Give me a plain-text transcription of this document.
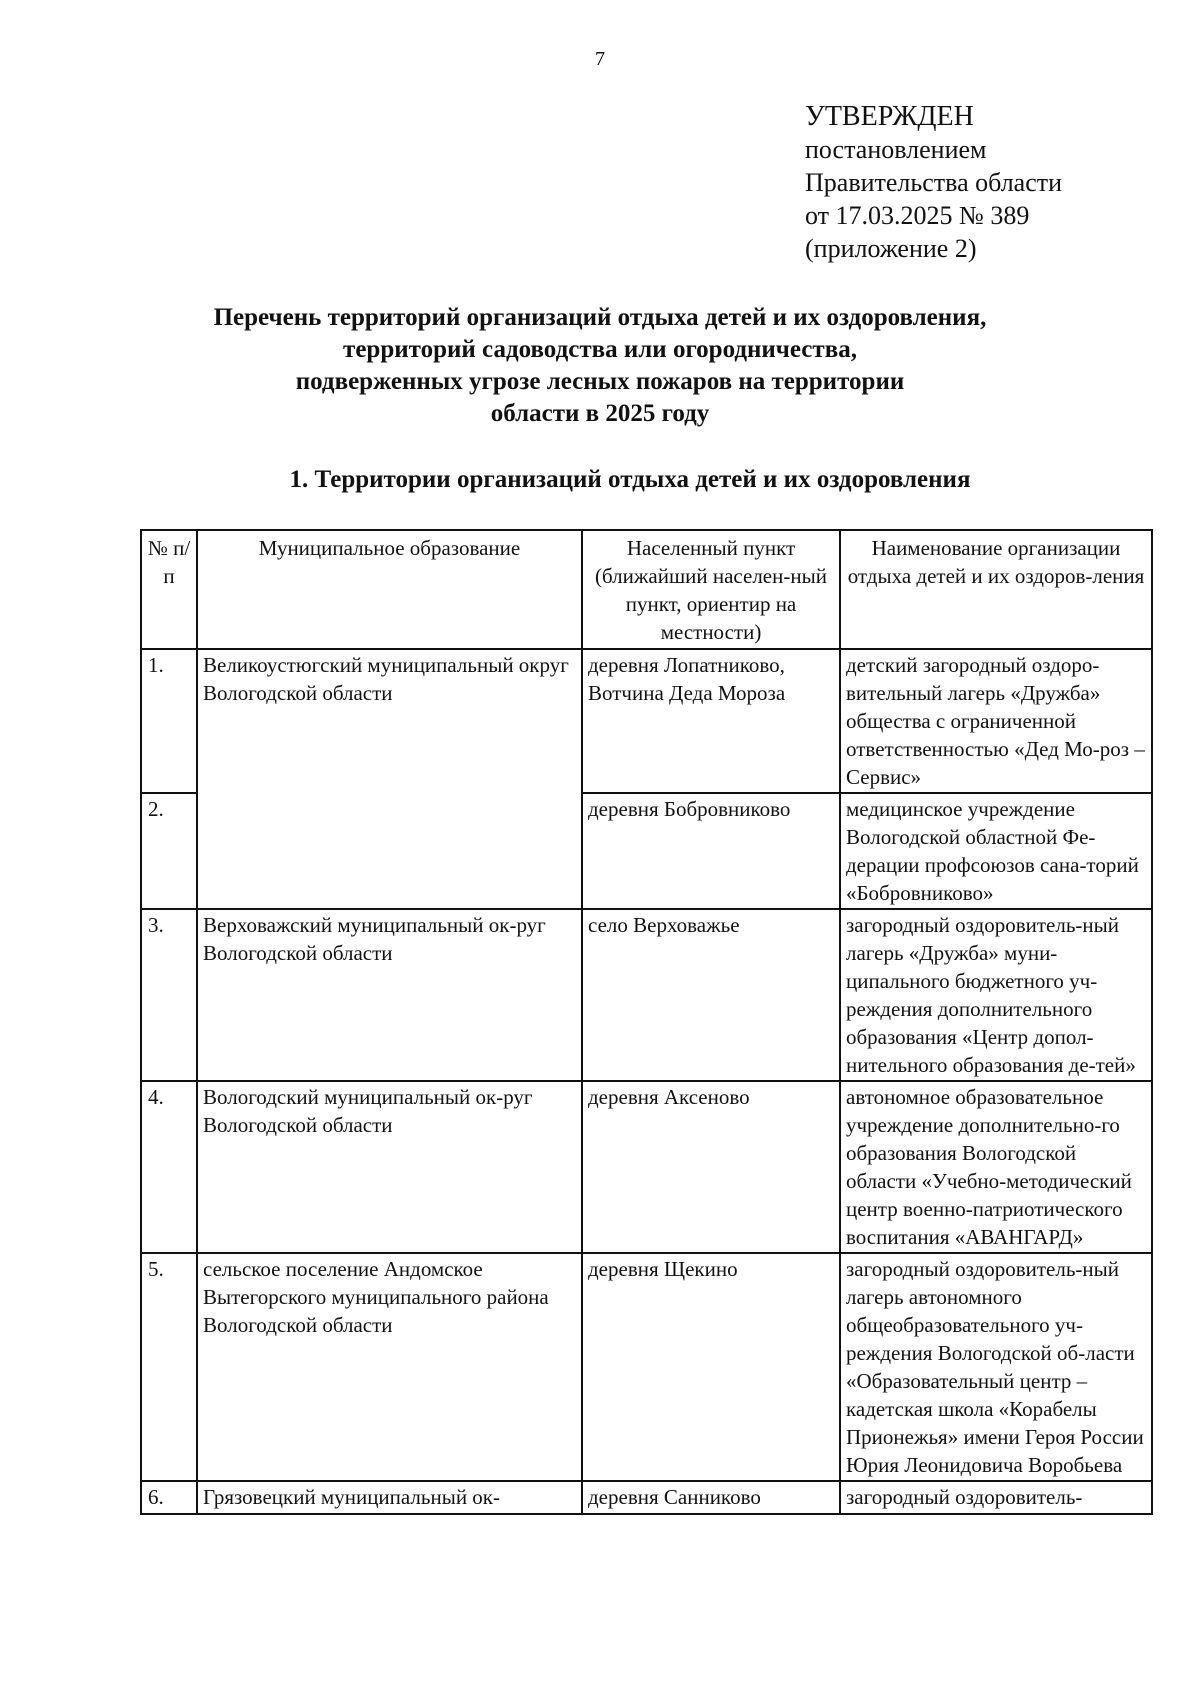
7
УТВЕРЖДЕН
постановлением
Правительства области
от 17.03.2025 № 389
(приложение 2)
Перечень территорий организаций отдыха детей и их оздоровления,
территорий садоводства или огородничества,
подверженных угрозе лесных пожаров на территории
области в 2025 году
1. Территории организаций отдыха детей и их оздоровления
№ п/п	Муниципальное образование	Населенный пункт (ближайший населен-ный пункт, ориентир на местности)	Наименование организации отдыха детей и их оздоров-ления
1.	Великоустюгский муниципальный округ Вологодской области	деревня Лопатниково, Вотчина Деда Мороза	детский загородный оздоро-вительный лагерь «Дружба» общества с ограниченной ответственностью «Дед Мо-роз – Сервис»
2.		деревня Бобровниково	медицинское учреждение Вологодской областной Фе-дерации профсоюзов сана-торий «Бобровниково»
3.	Верховажский муниципальный ок-руг Вологодской области	село Верховажье	загородный оздоровитель-ный лагерь «Дружба» муни-ципального бюджетного уч-реждения дополнительного образования «Центр допол-нительного образования де-тей»
4.	Вологодский муниципальный ок-руг Вологодской области	деревня Аксеново	автономное образовательное учреждение дополнительно-го образования Вологодской области «Учебно-методический центр военно-патриотического воспитания «АВАНГАРД»
5.	сельское поселение Андомское Вытегорского муниципального района Вологодской области	деревня Щекино	загородный оздоровитель-ный лагерь автономного общеобразовательного уч-реждения Вологодской об-ласти «Образовательный центр – кадетская школа «Корабелы Прионежья» имени Героя России Юрия Леонидовича Воробьева
6.	Грязовецкий муниципальный ок-	деревня Санниково	загородный оздоровитель-
